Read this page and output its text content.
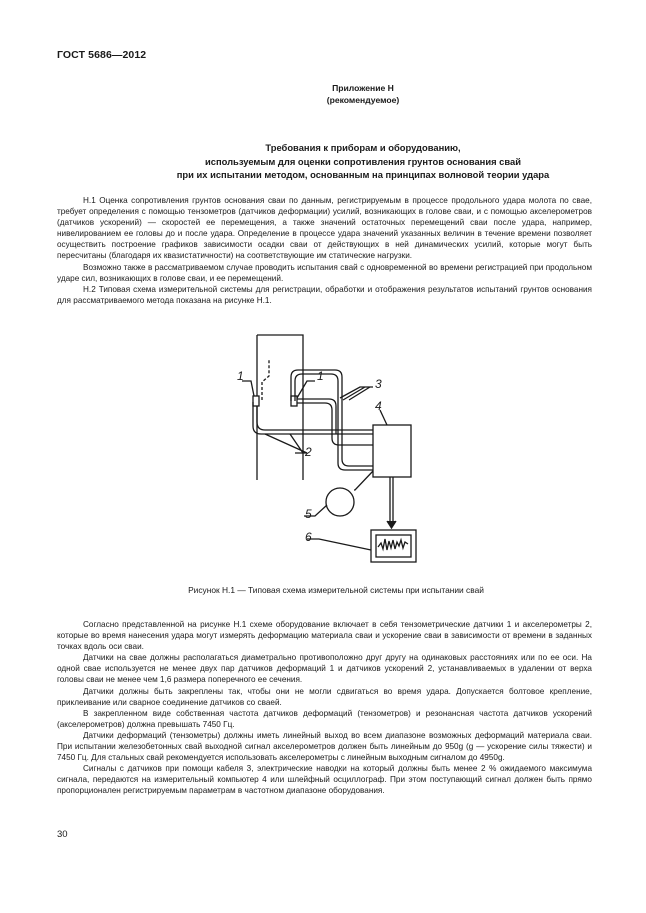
ГОСТ 5686—2012
Приложение Н
(рекомендуемое)
Требования к приборам и оборудованию,
используемым для оценки сопротивления грунтов основания свай
при их испытании методом, основанным на принципах волновой теории удара

Н.1 Оценка сопротивления грунтов основания сваи по данным, регистрируемым в процессе продольного удара молота по свае, требует определения с помощью тензометров (датчиков деформации) усилий, возникающих в голове сваи, и с помощью акселерометров (датчиков ускорений) — скоростей ее перемещения, а также значений остаточных перемещений сваи после удара, например, нивелированием ее головы до и после удара. Определение в процессе удара значений указанных величин в течение времени позволяет осуществить построение графиков зависимости осадки сваи от действующих в ней динамических усилий, которые могут быть пересчитаны (благодаря их квазистатичности) на соответствующие им статические нагрузки.

Возможно также в рассматриваемом случае проводить испытания свай с одновременной во времени регистрацией при продольном ударе сил, возникающих в голове сваи, и ее перемещений.

Н.2 Типовая схема измерительной системы для регистрации, обработки и отображения результатов испытаний грунтов основания для рассматриваемого метода показана на рисунке Н.1.

1	1
2
3
4
5
6
Рисунок Н.1 — Типовая схема измерительной системы при испытании свай

Согласно представленной на рисунке Н.1 схеме оборудование включает в себя тензометрические датчики 1 и акселерометры 2, которые во время нанесения удара могут измерять деформацию материала сваи и ускорение сваи в зависимости от времени в заданных точках вдоль оси сваи.

Датчики на свае должны располагаться диаметрально противоположно друг другу на одинаковых расстояниях или по ее оси. На одной свае используется не менее двух пар датчиков деформаций 1 и датчиков ускорений 2, устанавливаемых в удалении от верха головы сваи не менее чем 1,6 размера поперечного ее сечения.

Датчики должны быть закреплены так, чтобы они не могли сдвигаться во время удара. Допускается болтовое крепление, приклеивание или сварное соединение датчиков со сваей.

В закрепленном виде собственная частота датчиков деформаций (тензометров) и резонансная частота датчиков ускорений (акселерометров) должна превышать 7450 Гц.

Датчики деформаций (тензометры) должны иметь линейный выход во всем диапазоне возможных деформаций материала сваи. При испытании железобетонных свай выходной сигнал акселерометров должен быть линейным до 950g (g — ускорение силы тяжести) и 7450 Гц. Для стальных свай рекомендуется использовать акселерометры с линейным выходным сигналом до 4950g.

Сигналы с датчиков при помощи кабеля 3, электрические наводки на который должны быть менее 2 % ожидаемого максимума сигнала, передаются на измерительный компьютер 4 или шлейфный осциллограф. При этом поступающий сигнал должен быть прямо пропорционален регистрируемым параметрам в частотном диапазоне оборудования.

30
